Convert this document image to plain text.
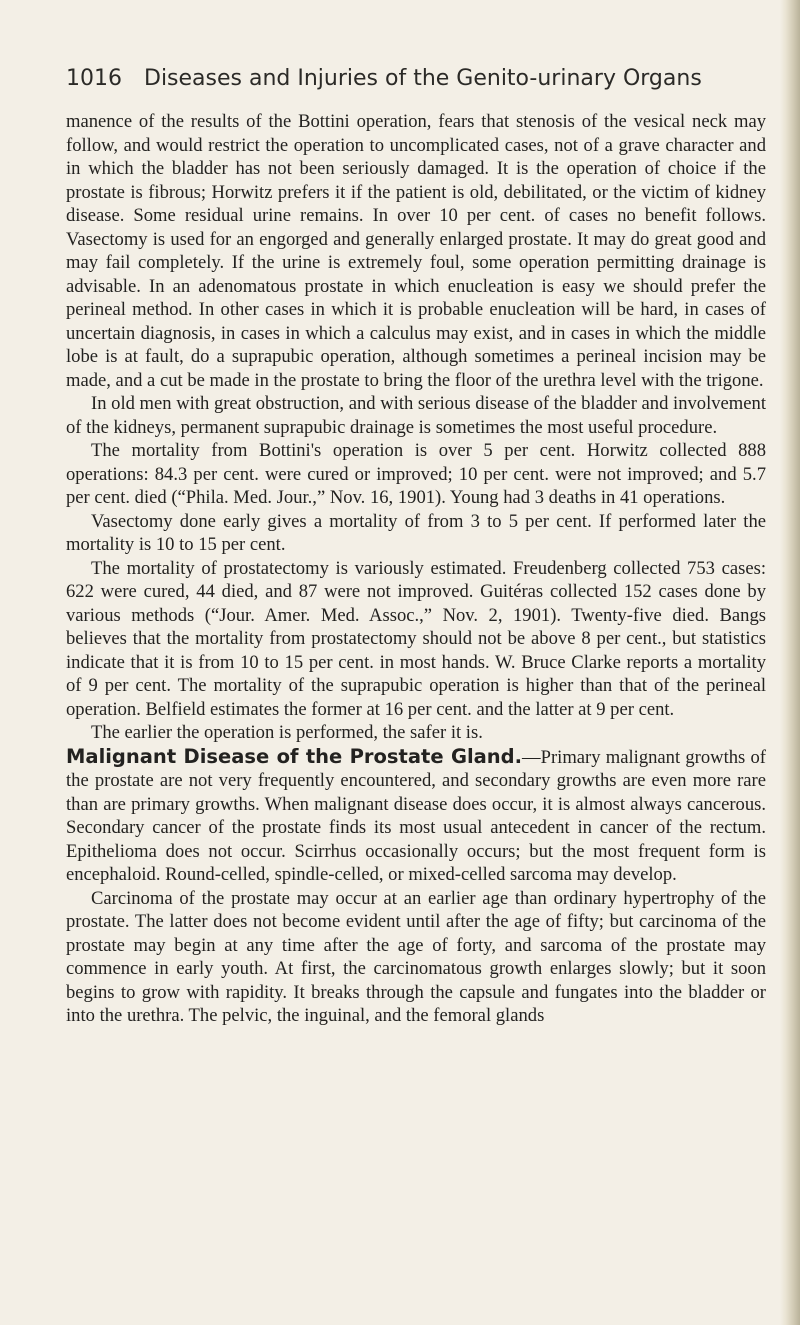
1016 Diseases and Injuries of the Genito-urinary Organs

manence of the results of the Bottini operation, fears that stenosis of the vesical neck may follow, and would restrict the operation to uncomplicated cases, not of a grave character and in which the bladder has not been seriously damaged. It is the operation of choice if the prostate is fibrous; Horwitz prefers it if the patient is old, debilitated, or the victim of kidney disease. Some residual urine remains. In over 10 per cent. of cases no benefit follows. Vasectomy is used for an engorged and generally enlarged prostate. It may do great good and may fail completely. If the urine is extremely foul, some operation permitting drainage is advisable. In an adenomatous prostate in which enucleation is easy we should prefer the perineal method. In other cases in which it is probable enucleation will be hard, in cases of uncertain diagnosis, in cases in which a calculus may exist, and in cases in which the middle lobe is at fault, do a suprapubic operation, although sometimes a perineal incision may be made, and a cut be made in the prostate to bring the floor of the urethra level with the trigone.

In old men with great obstruction, and with serious disease of the bladder and involvement of the kidneys, permanent suprapubic drainage is sometimes the most useful procedure.

The mortality from Bottini's operation is over 5 per cent. Horwitz collected 888 operations: 84.3 per cent. were cured or improved; 10 per cent. were not improved; and 5.7 per cent. died (“Phila. Med. Jour.,” Nov. 16, 1901). Young had 3 deaths in 41 operations.

Vasectomy done early gives a mortality of from 3 to 5 per cent. If performed later the mortality is 10 to 15 per cent.

The mortality of prostatectomy is variously estimated. Freudenberg collected 753 cases: 622 were cured, 44 died, and 87 were not improved. Guitéras collected 152 cases done by various methods (“Jour. Amer. Med. Assoc.,” Nov. 2, 1901). Twenty-five died. Bangs believes that the mortality from prostatectomy should not be above 8 per cent., but statistics indicate that it is from 10 to 15 per cent. in most hands. W. Bruce Clarke reports a mortality of 9 per cent. The mortality of the suprapubic operation is higher than that of the perineal operation. Belfield estimates the former at 16 per cent. and the latter at 9 per cent.

The earlier the operation is performed, the safer it is.

Malignant Disease of the Prostate Gland.—Primary malignant growths of the prostate are not very frequently encountered, and secondary growths are even more rare than are primary growths. When malignant disease does occur, it is almost always cancerous. Secondary cancer of the prostate finds its most usual antecedent in cancer of the rectum. Epithelioma does not occur. Scirrhus occasionally occurs; but the most frequent form is encephaloid. Round-celled, spindle-celled, or mixed-celled sarcoma may develop.

Carcinoma of the prostate may occur at an earlier age than ordinary hypertrophy of the prostate. The latter does not become evident until after the age of fifty; but carcinoma of the prostate may begin at any time after the age of forty, and sarcoma of the prostate may commence in early youth. At first, the carcinomatous growth enlarges slowly; but it soon begins to grow with rapidity. It breaks through the capsule and fungates into the bladder or into the urethra. The pelvic, the inguinal, and the femoral glands
